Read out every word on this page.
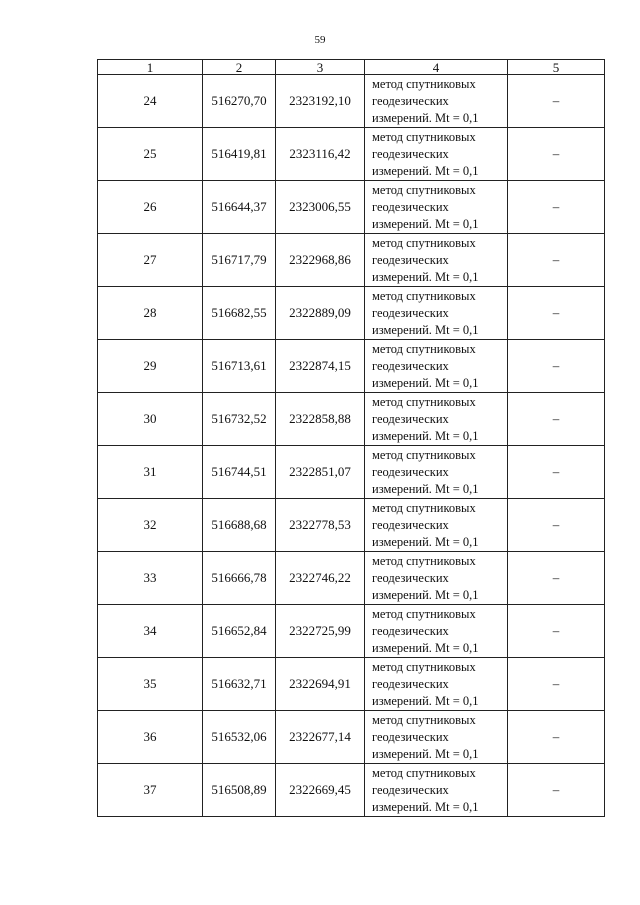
59
1	2	3	4	5
24	516270,70	2323192,10	метод спутниковых
геодезических
измерений. Mt = 0,1	–
25	516419,81	2323116,42	метод спутниковых
геодезических
измерений. Mt = 0,1	–
26	516644,37	2323006,55	метод спутниковых
геодезических
измерений. Mt = 0,1	–
27	516717,79	2322968,86	метод спутниковых
геодезических
измерений. Mt = 0,1	–
28	516682,55	2322889,09	метод спутниковых
геодезических
измерений. Mt = 0,1	–
29	516713,61	2322874,15	метод спутниковых
геодезических
измерений. Mt = 0,1	–
30	516732,52	2322858,88	метод спутниковых
геодезических
измерений. Mt = 0,1	–
31	516744,51	2322851,07	метод спутниковых
геодезических
измерений. Mt = 0,1	–
32	516688,68	2322778,53	метод спутниковых
геодезических
измерений. Mt = 0,1	–
33	516666,78	2322746,22	метод спутниковых
геодезических
измерений. Mt = 0,1	–
34	516652,84	2322725,99	метод спутниковых
геодезических
измерений. Mt = 0,1	–
35	516632,71	2322694,91	метод спутниковых
геодезических
измерений. Mt = 0,1	–
36	516532,06	2322677,14	метод спутниковых
геодезических
измерений. Mt = 0,1	–
37	516508,89	2322669,45	метод спутниковых
геодезических
измерений. Mt = 0,1	–
